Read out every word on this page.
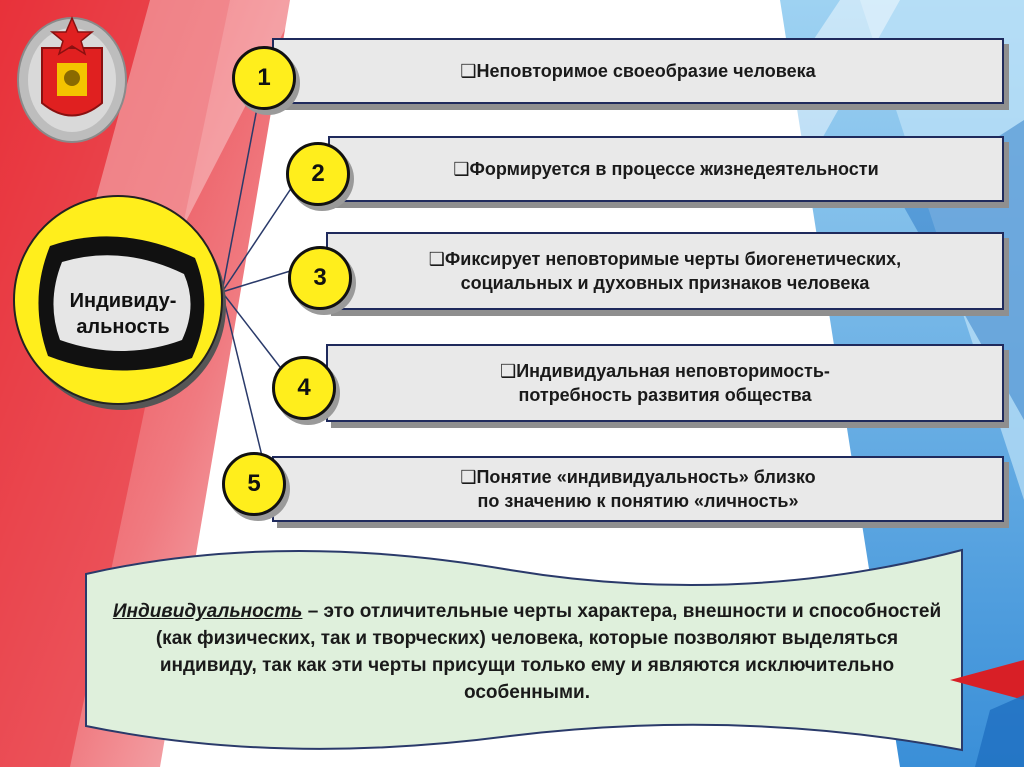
Индивиду-
альность
❑Неповторимое своеобразие человека
1
❑Формируется в процессе жизнедеятельности
2
❑Фиксирует неповторимые черты биогенетических,
социальных и духовных признаков человека
3
❑Индивидуальная неповторимость-
потребность развития общества
4
❑Понятие «индивидуальность» близко
по значению к понятию «личность»
5
Индивидуальность – это отличительные черты характера, внешности и способностей (как физических, так и творческих) человека, которые позволяют выделяться индивиду, так как эти черты присущи только ему и являются исключительно особенными.
